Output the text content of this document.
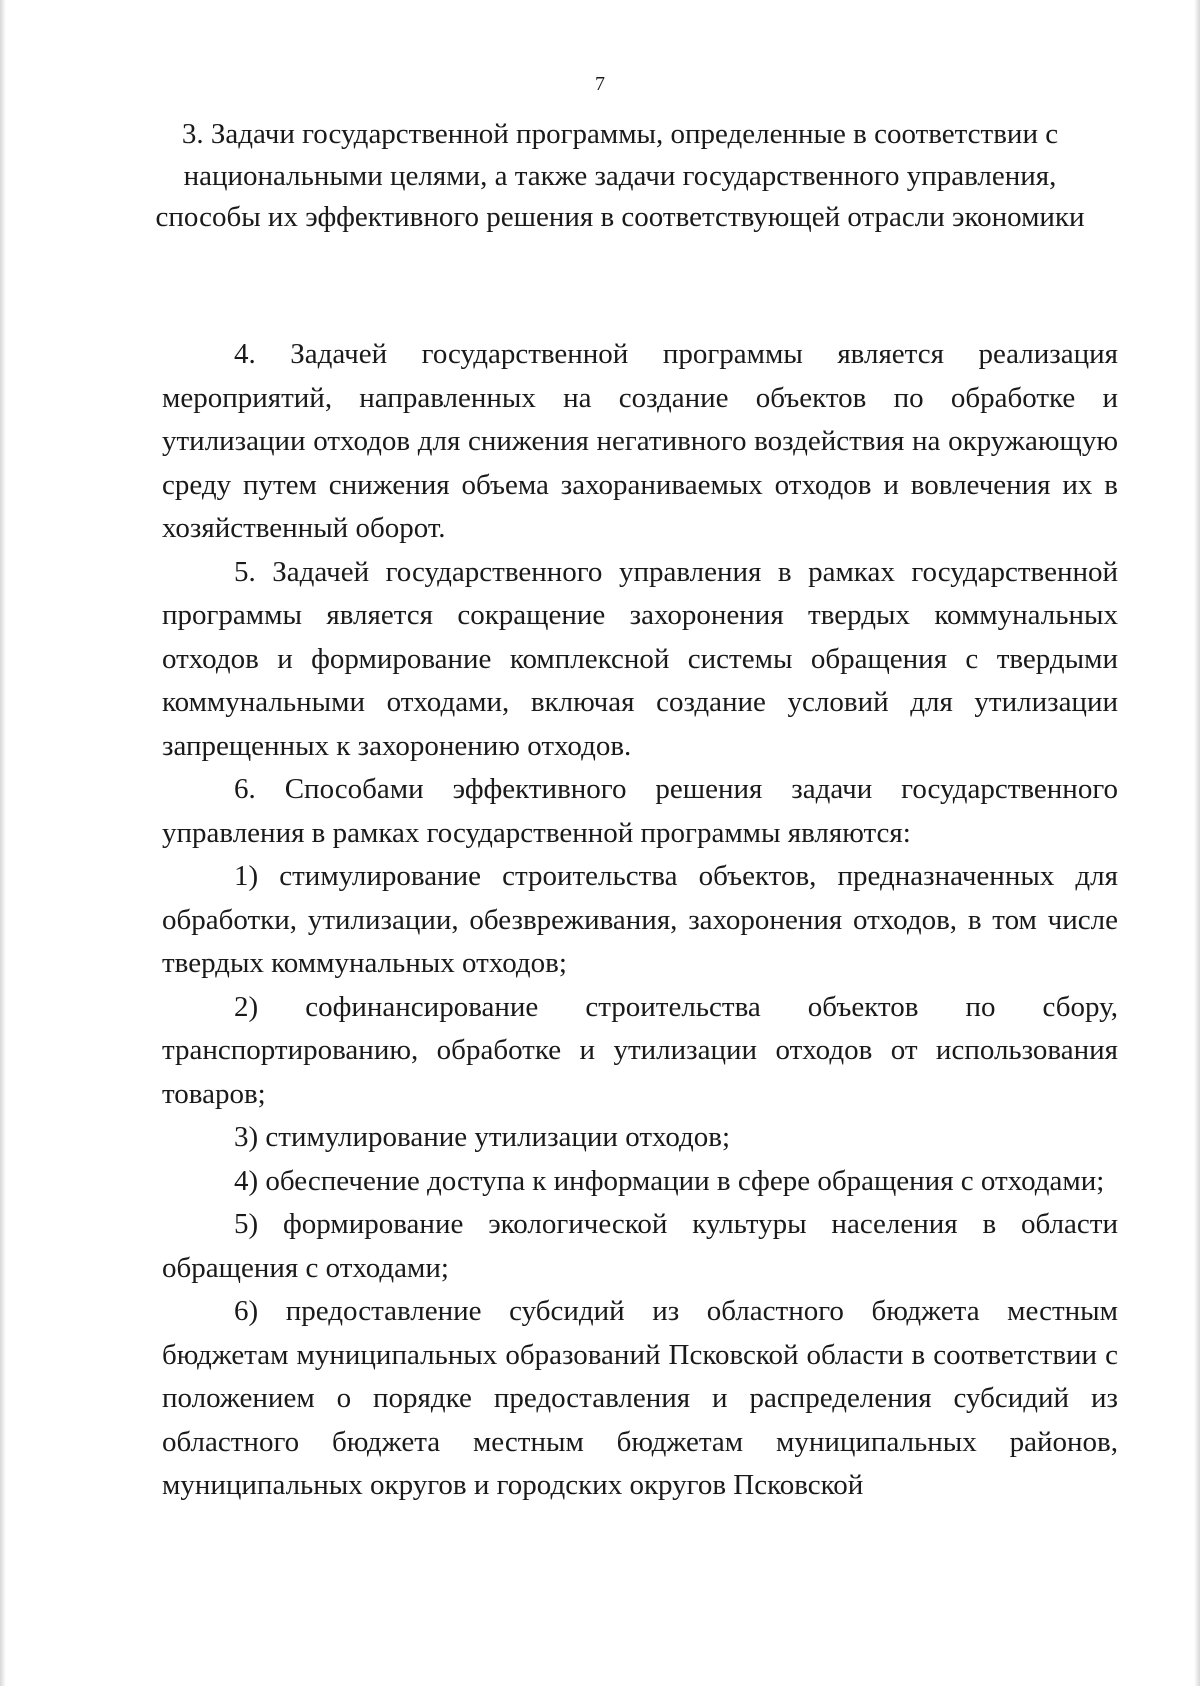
7
3. Задачи государственной программы, определенные в соответствии с национальными целями, а также задачи государственного управления, способы их эффективного решения в соответствующей отрасли экономики

4. Задачей государственной программы является реализация мероприятий, направленных на создание объектов по обработке и утилизации отходов для снижения негативного воздействия на окружающую среду путем снижения объема захораниваемых отходов и вовлечения их в хозяйственный оборот.

5. Задачей государственного управления в рамках государственной программы является сокращение захоронения твердых коммунальных отходов и формирование комплексной системы обращения с твердыми коммунальными отходами, включая создание условий для утилизации запрещенных к захоронению отходов.

6. Способами эффективного решения задачи государственного управления в рамках государственной программы являются:

1) стимулирование строительства объектов, предназначенных для обработки, утилизации, обезвреживания, захоронения отходов, в том числе твердых коммунальных отходов;

2) софинансирование строительства объектов по сбору, транспортированию, обработке и утилизации отходов от использования товаров;

3) стимулирование утилизации отходов;

4) обеспечение доступа к информации в сфере обращения с отходами;

5) формирование экологической культуры населения в области обращения с отходами;

6) предоставление субсидий из областного бюджета местным бюджетам муниципальных образований Псковской области в соответствии с положением о порядке предоставления и распределения субсидий из областного бюджета местным бюджетам муниципальных районов, муниципальных округов и городских округов Псковской
